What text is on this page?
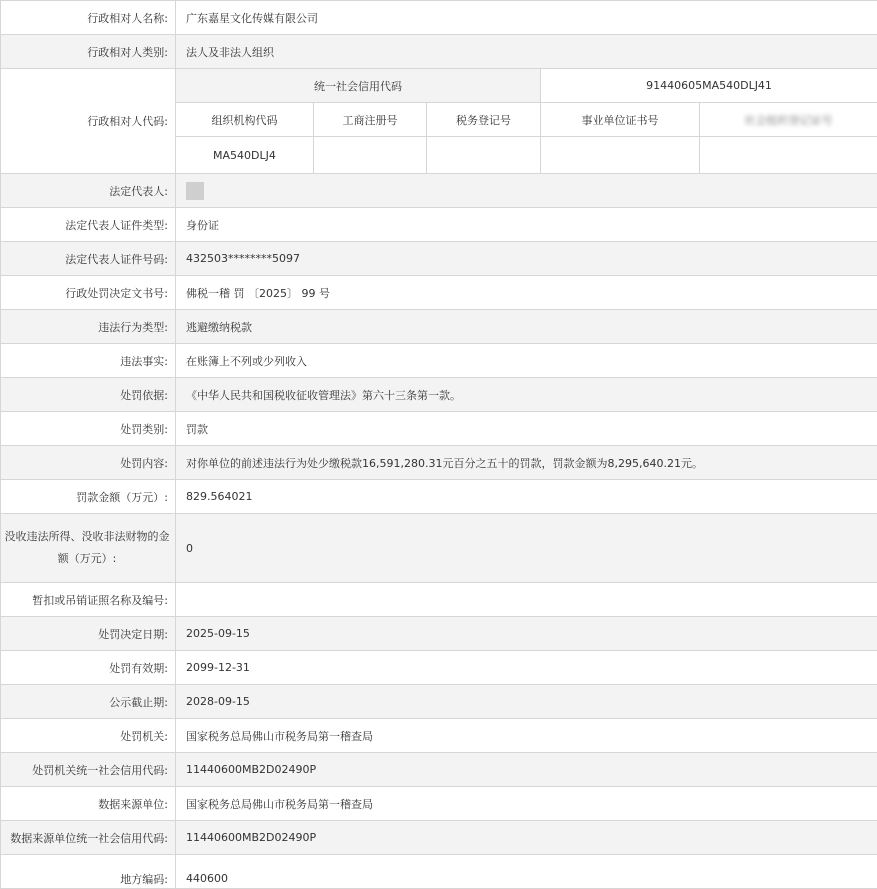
行政相对人名称:	广东嘉星文化传媒有限公司				
行政相对人类别:	法人及非法人组织				
行政相对人代码:	统一社会信用代码			91440605MA540DLJ41	
	组织机构代码	工商注册号	税务登记号	事业单位证书号	社会组织登记证号
	MA540DLJ4				
法定代表人:					
法定代表人证件类型:	身份证				
法定代表人证件号码:	432503********5097				
行政处罚决定文书号:	佛税一稽 罚 〔2025〕 99 号				
违法行为类型:	逃避缴纳税款				
违法事实:	在账簿上不列或少列收入				
处罚依据:	《中华人民共和国税收征收管理法》第六十三条第一款。				
处罚类别:	罚款				
处罚内容:	对你单位的前述违法行为处少缴税款16,591,280.31元百分之五十的罚款，罚款金额为8,295,640.21元。				
罚款金额（万元）:	829.564021				
没收违法所得、没收非法财物的金额（万元）:	0				
暂扣或吊销证照名称及编号:					
处罚决定日期:	2025-09-15				
处罚有效期:	2099-12-31				
公示截止期:	2028-09-15				
处罚机关:	国家税务总局佛山市税务局第一稽查局				
处罚机关统一社会信用代码:	11440600MB2D02490P				
数据来源单位:	国家税务总局佛山市税务局第一稽查局				
数据来源单位统一社会信用代码:	11440600MB2D02490P				
地方编码:	440600				
